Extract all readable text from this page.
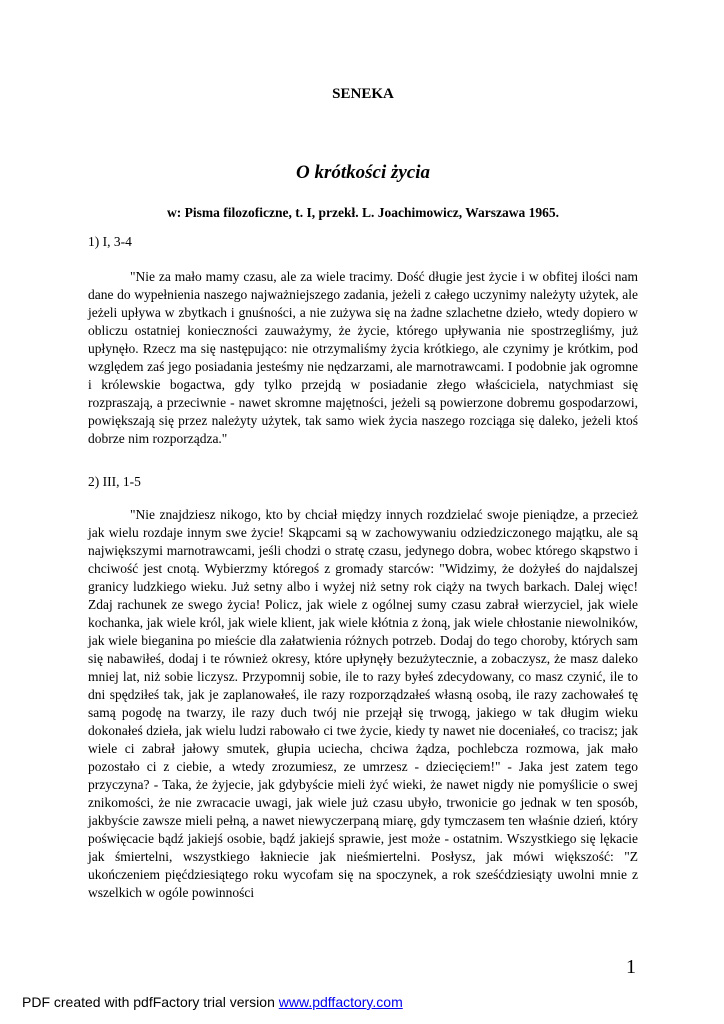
SENEKA

O krótkości życia

w: Pisma filozoficzne, t. I, przekł. L. Joachimowicz, Warszawa 1965.

1) I, 3-4

"Nie za mało mamy czasu, ale za wiele tracimy. Dość długie jest życie i w obfitej ilości nam dane do wypełnienia naszego najważniejszego zadania, jeżeli z całego uczynimy należyty użytek, ale jeżeli upływa w zbytkach i gnuśności, a nie zużywa się na żadne szlachetne dzieło, wtedy dopiero w obliczu ostatniej konieczności zauważymy, że życie, którego upływania nie spostrzegliśmy, już upłynęło. Rzecz ma się następująco: nie otrzymaliśmy życia krótkiego, ale czynimy je krótkim, pod względem zaś jego posiadania jesteśmy nie nędzarzami, ale marnotrawcami. I podobnie jak ogromne i królewskie bogactwa, gdy tylko przejdą w posiadanie złego właściciela, natychmiast się rozpraszają, a przeciwnie - nawet skromne majętności, jeżeli są powierzone dobremu gospodarzowi, powiększają się przez należyty użytek, tak samo wiek życia naszego rozciąga się daleko, jeżeli ktoś dobrze nim rozporządza."

2) III, 1-5

"Nie znajdziesz nikogo, kto by chciał między innych rozdzielać swoje pieniądze, a przecież jak wielu rozdaje innym swe życie! Skąpcami są w zachowywaniu odziedziczonego majątku, ale są największymi marnotrawcami, jeśli chodzi o stratę czasu, jedynego dobra, wobec którego skąpstwo i chciwość jest cnotą. Wybierzmy któregoś z gromady starców: "Widzimy, że dożyłeś do najdalszej granicy ludzkiego wieku. Już setny albo i wyżej niż setny rok ciąży na twych barkach. Dalej więc! Zdaj rachunek ze swego życia! Policz, jak wiele z ogólnej sumy czasu zabrał wierzyciel, jak wiele kochanka, jak wiele król, jak wiele klient, jak wiele kłótnia z żoną, jak wiele chłostanie niewolników, jak wiele bieganina po mieście dla załatwienia różnych potrzeb. Dodaj do tego choroby, których sam się nabawiłeś, dodaj i te również okresy, które upłynęły bezużytecznie, a zobaczysz, że masz daleko mniej lat, niż sobie liczysz. Przypomnij sobie, ile to razy byłeś zdecydowany, co masz czynić, ile to dni spędziłeś tak, jak je zaplanowałeś, ile razy rozporządzałeś własną osobą, ile razy zachowałeś tę samą pogodę na twarzy, ile razy duch twój nie przejął się trwogą, jakiego w tak długim wieku dokonałeś dzieła, jak wielu ludzi rabowało ci twe życie, kiedy ty nawet nie doceniałeś, co tracisz; jak wiele ci zabrał jałowy smutek, głupia uciecha, chciwa żądza, pochlebcza rozmowa, jak mało pozostało ci z ciebie, a wtedy zrozumiesz, ze umrzesz - dziecięciem!" - Jaka jest zatem tego przyczyna? - Taka, że żyjecie, jak gdybyście mieli żyć wieki, że nawet nigdy nie pomyślicie o swej znikomości, że nie zwracacie uwagi, jak wiele już czasu ubyło, trwonicie go jednak w ten sposób, jakbyście zawsze mieli pełną, a nawet niewyczerpaną miarę, gdy tymczasem ten właśnie dzień, który poświęcacie bądź jakiejś osobie, bądź jakiejś sprawie, jest może - ostatnim. Wszystkiego się lękacie jak śmiertelni, wszystkiego łakniecie jak nieśmiertelni. Posłysz, jak mówi większość: "Z ukończeniem pięćdziesiątego roku wycofam się na spoczynek, a rok sześćdziesiąty uwolni mnie z wszelkich w ogóle powinności

1

PDF created with pdfFactory trial version www.pdffactory.com
